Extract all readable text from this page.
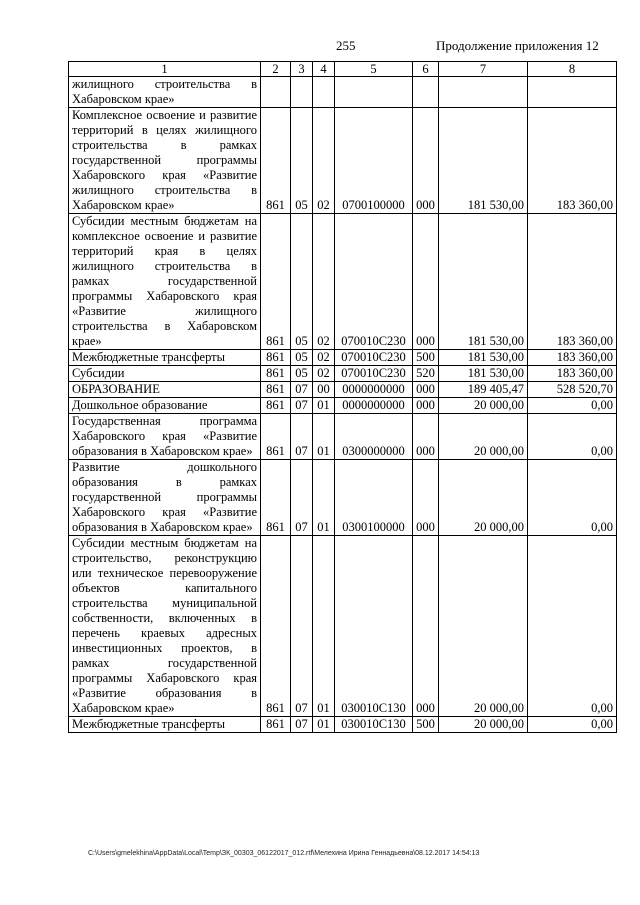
255	Продолжение приложения 12
1	2	3	4	5	6	7	8
жилищного строительства в Хабаровском крае»							
Комплексное освоение и развитие территорий в целях жилищного строительства в рамках государственной программы Хабаровского края «Развитие жилищного строительства в Хабаровском крае»	861	05	02	0700100000	000	181 530,00	183 360,00
Субсидии местным бюджетам на комплексное освоение и развитие территорий края в целях жилищного строительства в рамках государственной программы Хабаровского края «Развитие жилищного строительства в Хабаровском крае»	861	05	02	070010С230	000	181 530,00	183 360,00
Межбюджетные трансферты	861	05	02	070010С230	500	181 530,00	183 360,00
Субсидии	861	05	02	070010С230	520	181 530,00	183 360,00
ОБРАЗОВАНИЕ	861	07	00	0000000000	000	189 405,47	528 520,70
Дошкольное образование	861	07	01	0000000000	000	20 000,00	0,00
Государственная программа Хабаровского края «Развитие образования в Хабаровском крае»	861	07	01	0300000000	000	20 000,00	0,00
Развитие дошкольного образования в рамках государственной программы Хабаровского края «Развитие образования в Хабаровском крае»	861	07	01	0300100000	000	20 000,00	0,00
Субсидии местным бюджетам на строительство, реконструкцию или техническое перевооружение объектов капитального строительства муниципальной собственности, включенных в перечень краевых адресных инвестиционных проектов, в рамках государственной программы Хабаровского края «Развитие образования в Хабаровском крае»	861	07	01	030010С130	000	20 000,00	0,00
Межбюджетные трансферты	861	07	01	030010С130	500	20 000,00	0,00
C:\Users\gmelekhina\AppData\Local\Temp\ЗК_00303_06122017_012.rtf\Мелехина Ирина Геннадьевна\08.12.2017 14:54:13
